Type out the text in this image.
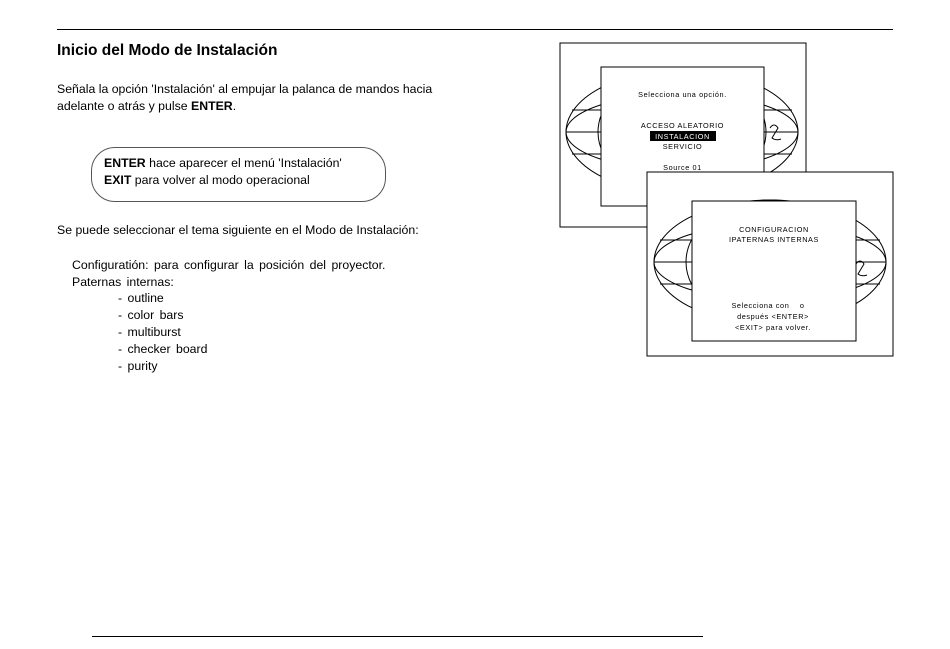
Inicio del Modo de Instalación
Señala la opción 'Instalación' al empujar la palanca de mandos hacia
adelante o atrás y pulse ENTER.
ENTER hace aparecer el menú 'Instalación'
EXIT para volver al modo operacional

Se puede seleccionar el tema siguiente en el Modo de Instalación:

Configuratión: para configurar la posición del proyector.
Paternas internas:
- outline
- color bars
- multiburst
- checker board
- purity
Selecciona una opción.
ACCESO ALEATORIO
INSTALACION
SERVICIO
Source 01
CONFIGURACION
IPATERNAS INTERNAS
Selecciona con    o
después <ENTER>
<EXIT> para volver.
